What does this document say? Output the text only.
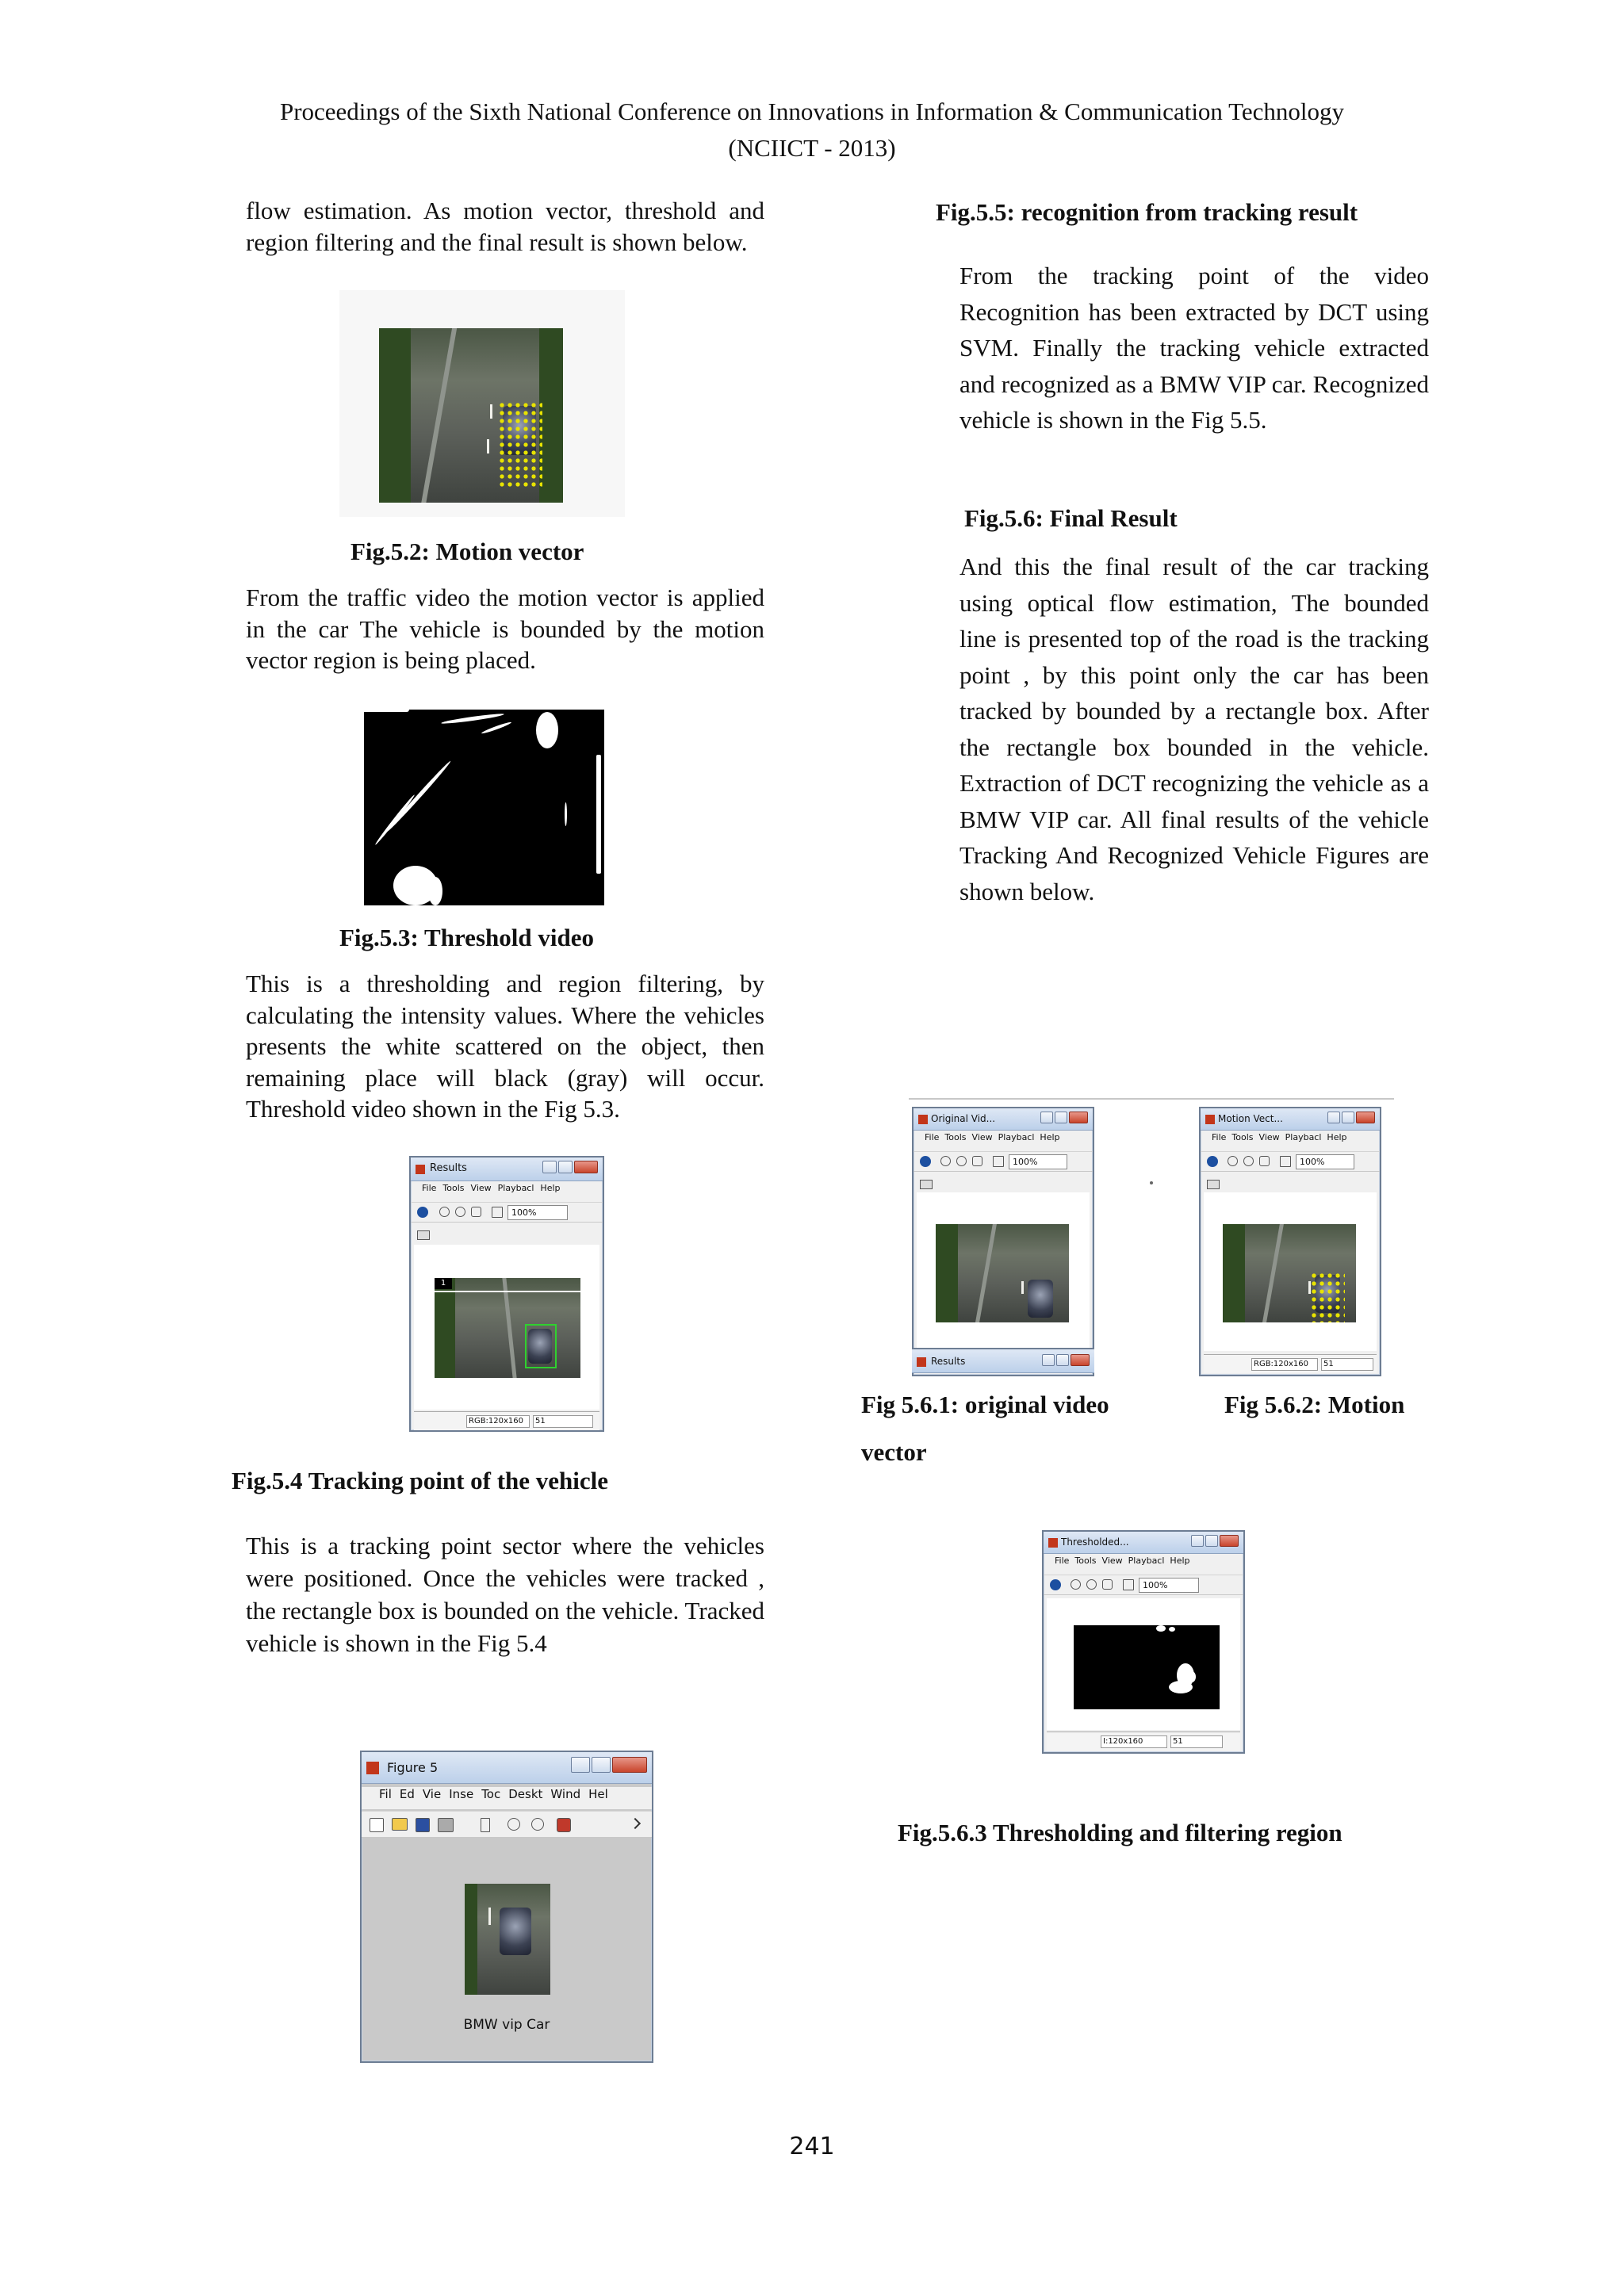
Proceedings of the Sixth National Conference on Innovations in Information & Communication Technology
(NCIICT - 2013)

flow estimation. As motion vector, threshold and region filtering and the final result is shown below.

Fig.5.2: Motion vector

From the traffic video the motion vector is applied in the car The vehicle is bounded by the motion vector region is being placed.

Fig.5.3: Threshold video

This is a thresholding and region filtering, by calculating the intensity values. Where the vehicles presents the white scattered on the object, then remaining place will black (gray) will occur. Threshold video shown in the Fig 5.3.

Results
File Tools View Playbacl Help
100%
1
RGB:120x160	51
Fig.5.4 Tracking point of the vehicle

This is a tracking point sector where the vehicles were positioned. Once the vehicles were tracked , the rectangle box is bounded on the vehicle. Tracked vehicle is shown in the Fig 5.4

Figure 5
Fil Ed Vie Inse Toc Deskt Wind Hel
BMW vip Car
Fig.5.5: recognition from tracking result

From the tracking point of the video Recognition has been extracted by DCT using SVM. Finally the tracking vehicle extracted and recognized as a BMW VIP car. Recognized vehicle is shown in the Fig 5.5.

Fig.5.6: Final Result

And this the final result of the car tracking using optical flow estimation, The bounded line is presented top of the road is the tracking point , by this point only the car has been tracked by bounded by a rectangle box. After the rectangle box bounded in the vehicle. Extraction of DCT recognizing the vehicle as a BMW VIP car. All final results of the vehicle Tracking And Recognized Vehicle Figures are shown below.

Original Vid...
File Tools View Playbacl Help
100%
Results
Motion Vect...
File Tools View Playbacl Help
100%
RGB:120x160	51
Fig 5.6.1: original video	Fig 5.6.2: Motion
vector
Thresholded...
File Tools View Playbacl Help
100%
I:120x160	51
Fig.5.6.3 Thresholding and filtering region
241
